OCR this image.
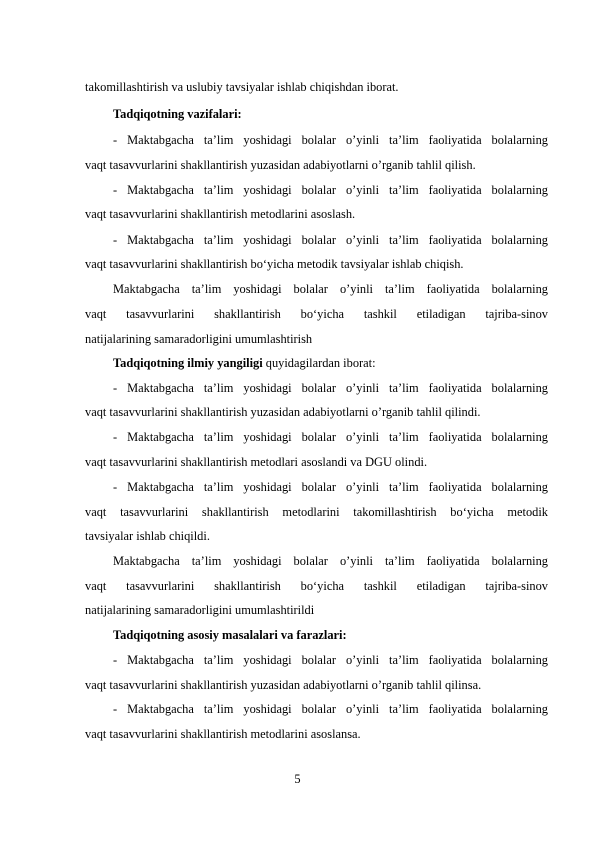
takomillashtirish va uslubiy tavsiyalar ishlab chiqishdan iborat.
Tadqiqotning vazifalari:
- Maktabgacha ta’lim yoshidagi bolalar o’yinli ta’lim faoliyatida bolalarning
vaqt tasavvurlarini shakllantirish yuzasidan adabiyotlarni o’rganib tahlil qilish.
- Maktabgacha ta’lim yoshidagi bolalar o’yinli ta’lim faoliyatida bolalarning
vaqt tasavvurlarini shakllantirish metodlarini asoslash.
- Maktabgacha ta’lim yoshidagi bolalar o’yinli ta’lim faoliyatida bolalarning
vaqt tasavvurlarini shakllantirish bo‘yicha metodik tavsiyalar ishlab chiqish.
Maktabgacha ta’lim yoshidagi bolalar o’yinli ta’lim faoliyatida bolalarning
vaqt tasavvurlarini shakllantirish bo‘yicha tashkil etiladigan tajriba-sinov
natijalarining samaradorligini umumlashtirish
Tadqiqotning ilmiy yangiligi quyidagilardan iborat:
- Maktabgacha ta’lim yoshidagi bolalar o’yinli ta’lim faoliyatida bolalarning
vaqt tasavvurlarini shakllantirish yuzasidan adabiyotlarni o’rganib tahlil qilindi.
- Maktabgacha ta’lim yoshidagi bolalar o’yinli ta’lim faoliyatida bolalarning
vaqt tasavvurlarini shakllantirish metodlari asoslandi va DGU olindi.
- Maktabgacha ta’lim yoshidagi bolalar o’yinli ta’lim faoliyatida bolalarning
vaqt tasavvurlarini shakllantirish metodlarini takomillashtirish bo‘yicha metodik
tavsiyalar ishlab chiqildi.
Maktabgacha ta’lim yoshidagi bolalar o’yinli ta’lim faoliyatida bolalarning
vaqt tasavvurlarini shakllantirish bo‘yicha tashkil etiladigan tajriba-sinov
natijalarining samaradorligini umumlashtirildi
Tadqiqotning asosiy masalalari va farazlari:
- Maktabgacha ta’lim yoshidagi bolalar o’yinli ta’lim faoliyatida bolalarning
vaqt tasavvurlarini shakllantirish yuzasidan adabiyotlarni o’rganib tahlil qilinsa.
- Maktabgacha ta’lim yoshidagi bolalar o’yinli ta’lim faoliyatida bolalarning
vaqt tasavvurlarini shakllantirish metodlarini asoslansa.
5
